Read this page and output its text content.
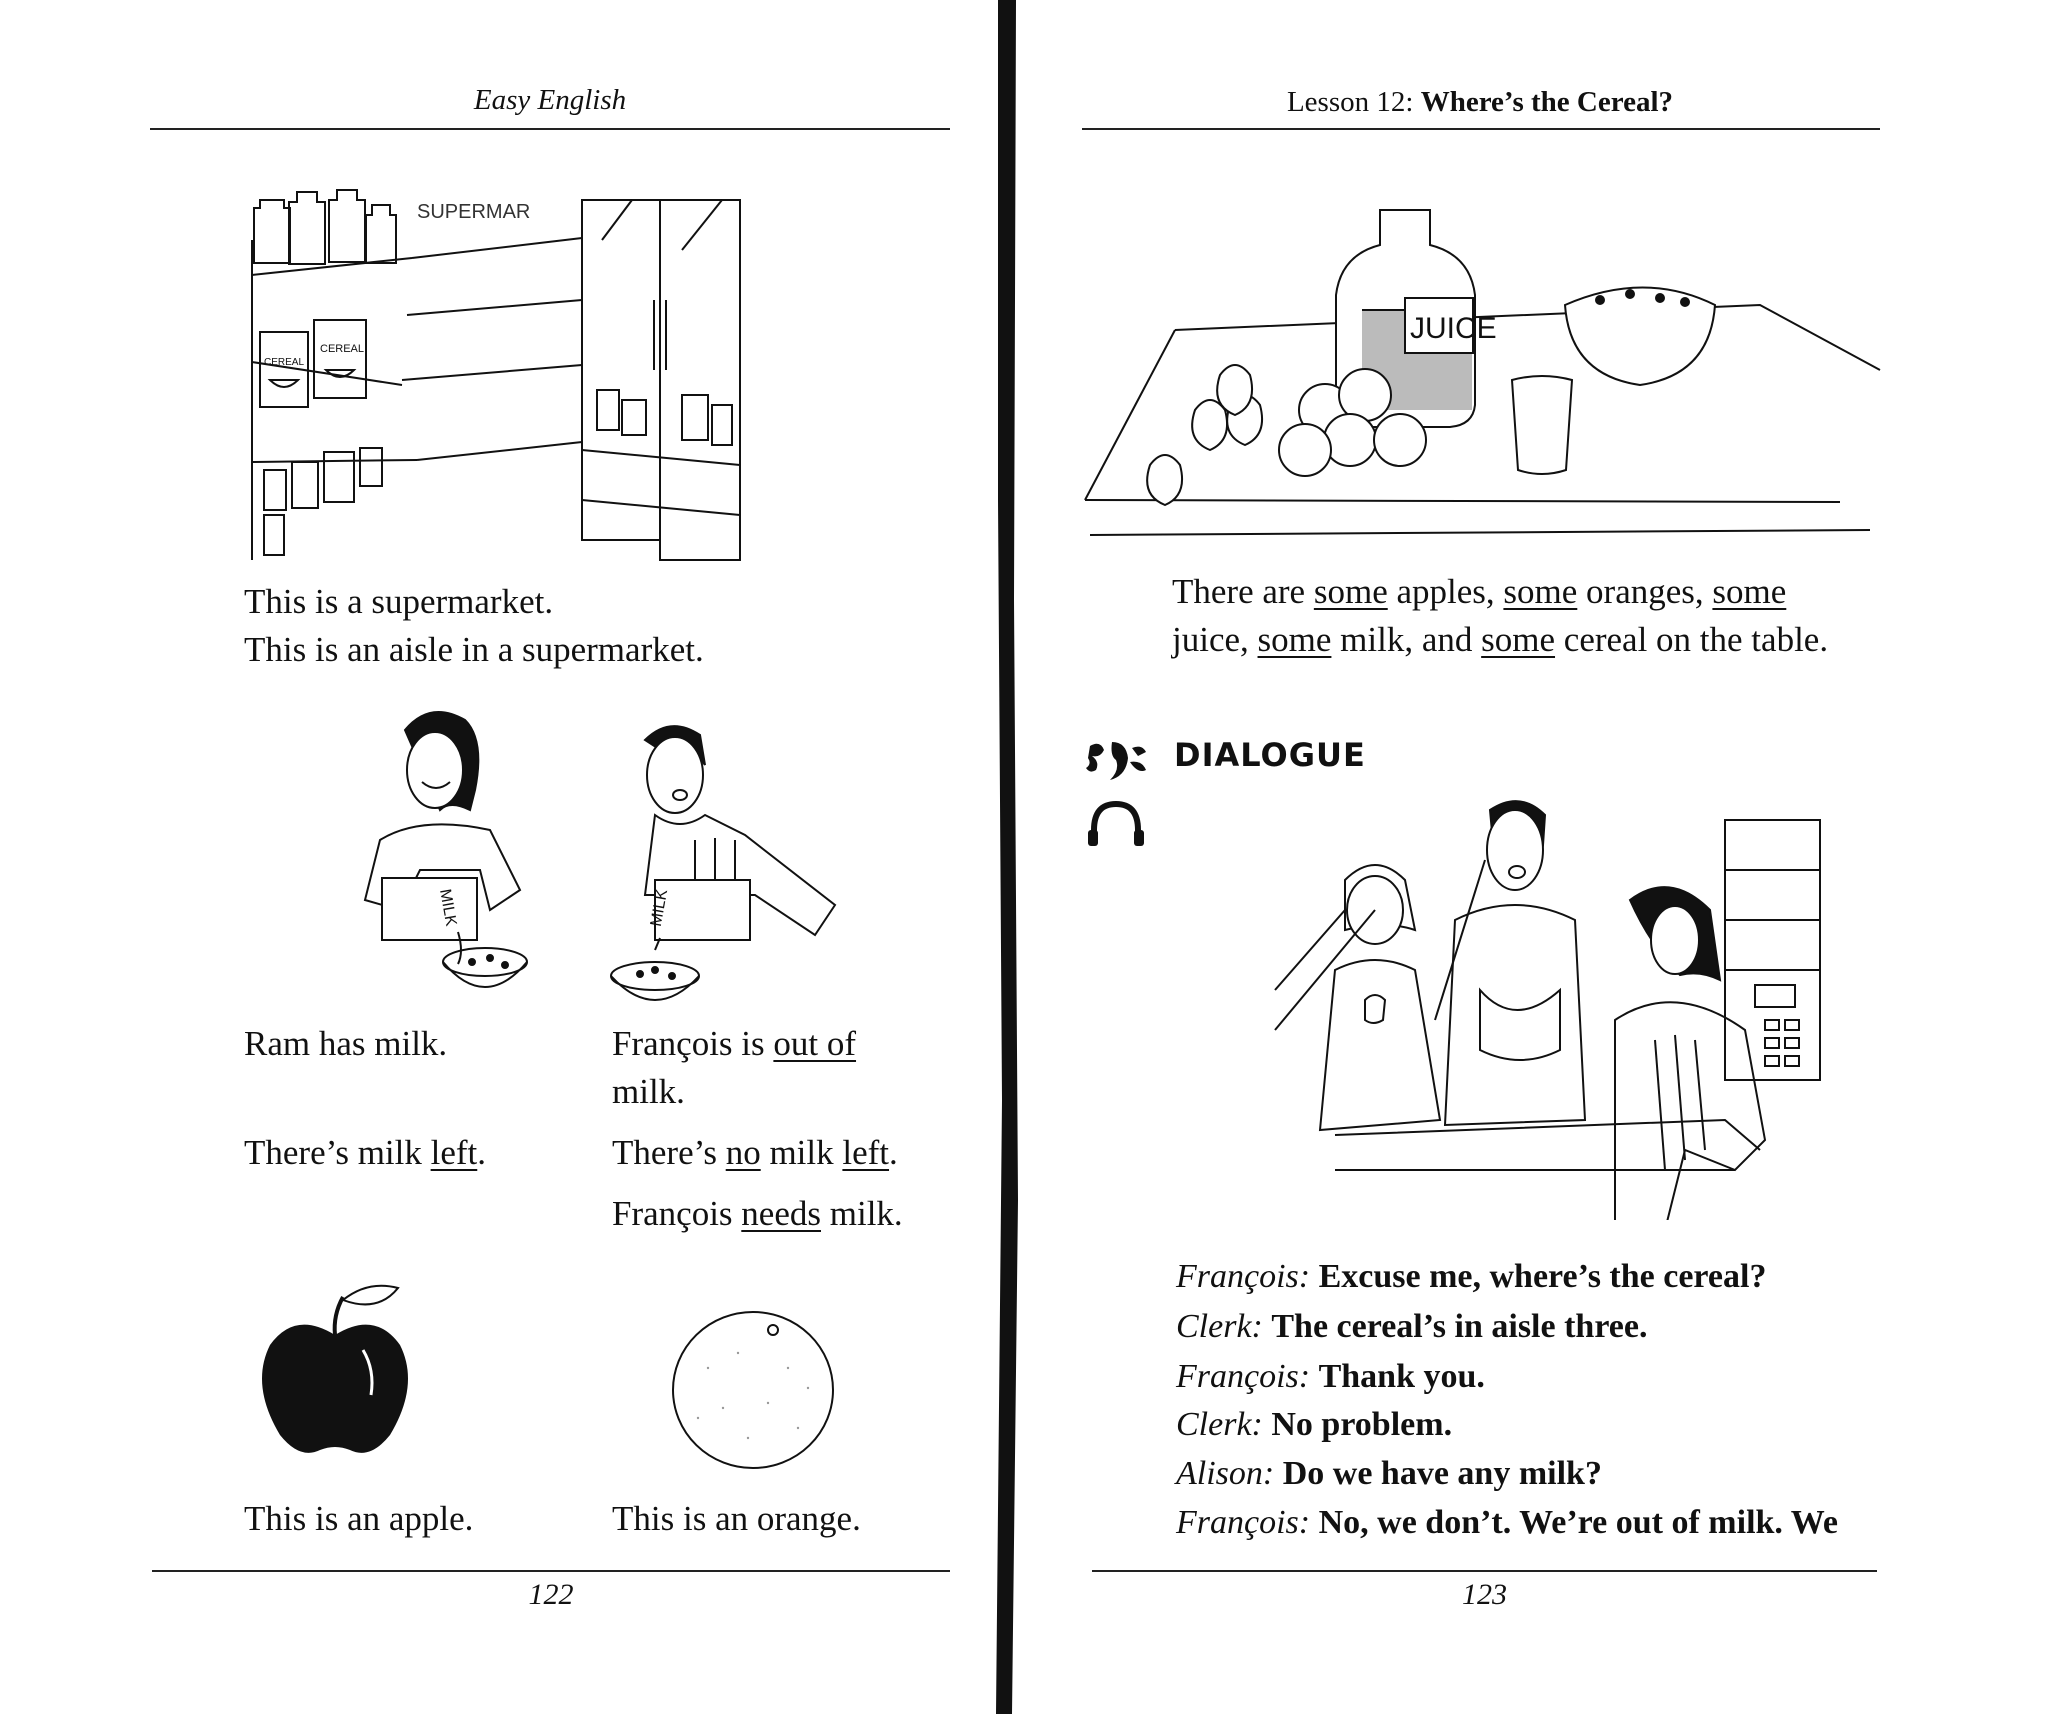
Easy English
SUPERMAR
CEREAL
CEREAL
This is a supermarket.
This is an aisle in a supermarket.
MILK	MILK
Ram has milk.
There’s milk left.
François is out of
milk.
There’s no milk left.
François needs milk.
This is an apple.	This is an orange.
122
Lesson 12: Where’s the Cereal?
JUICE
There are some apples, some oranges, some
juice, some milk, and some cereal on the table.
DIALOGUE
François: Excuse me, where’s the cereal?
Clerk: The cereal’s in aisle three.
François: Thank you.
Clerk: No problem.
Alison: Do we have any milk?
François: No, we don’t. We’re out of milk. We
123
